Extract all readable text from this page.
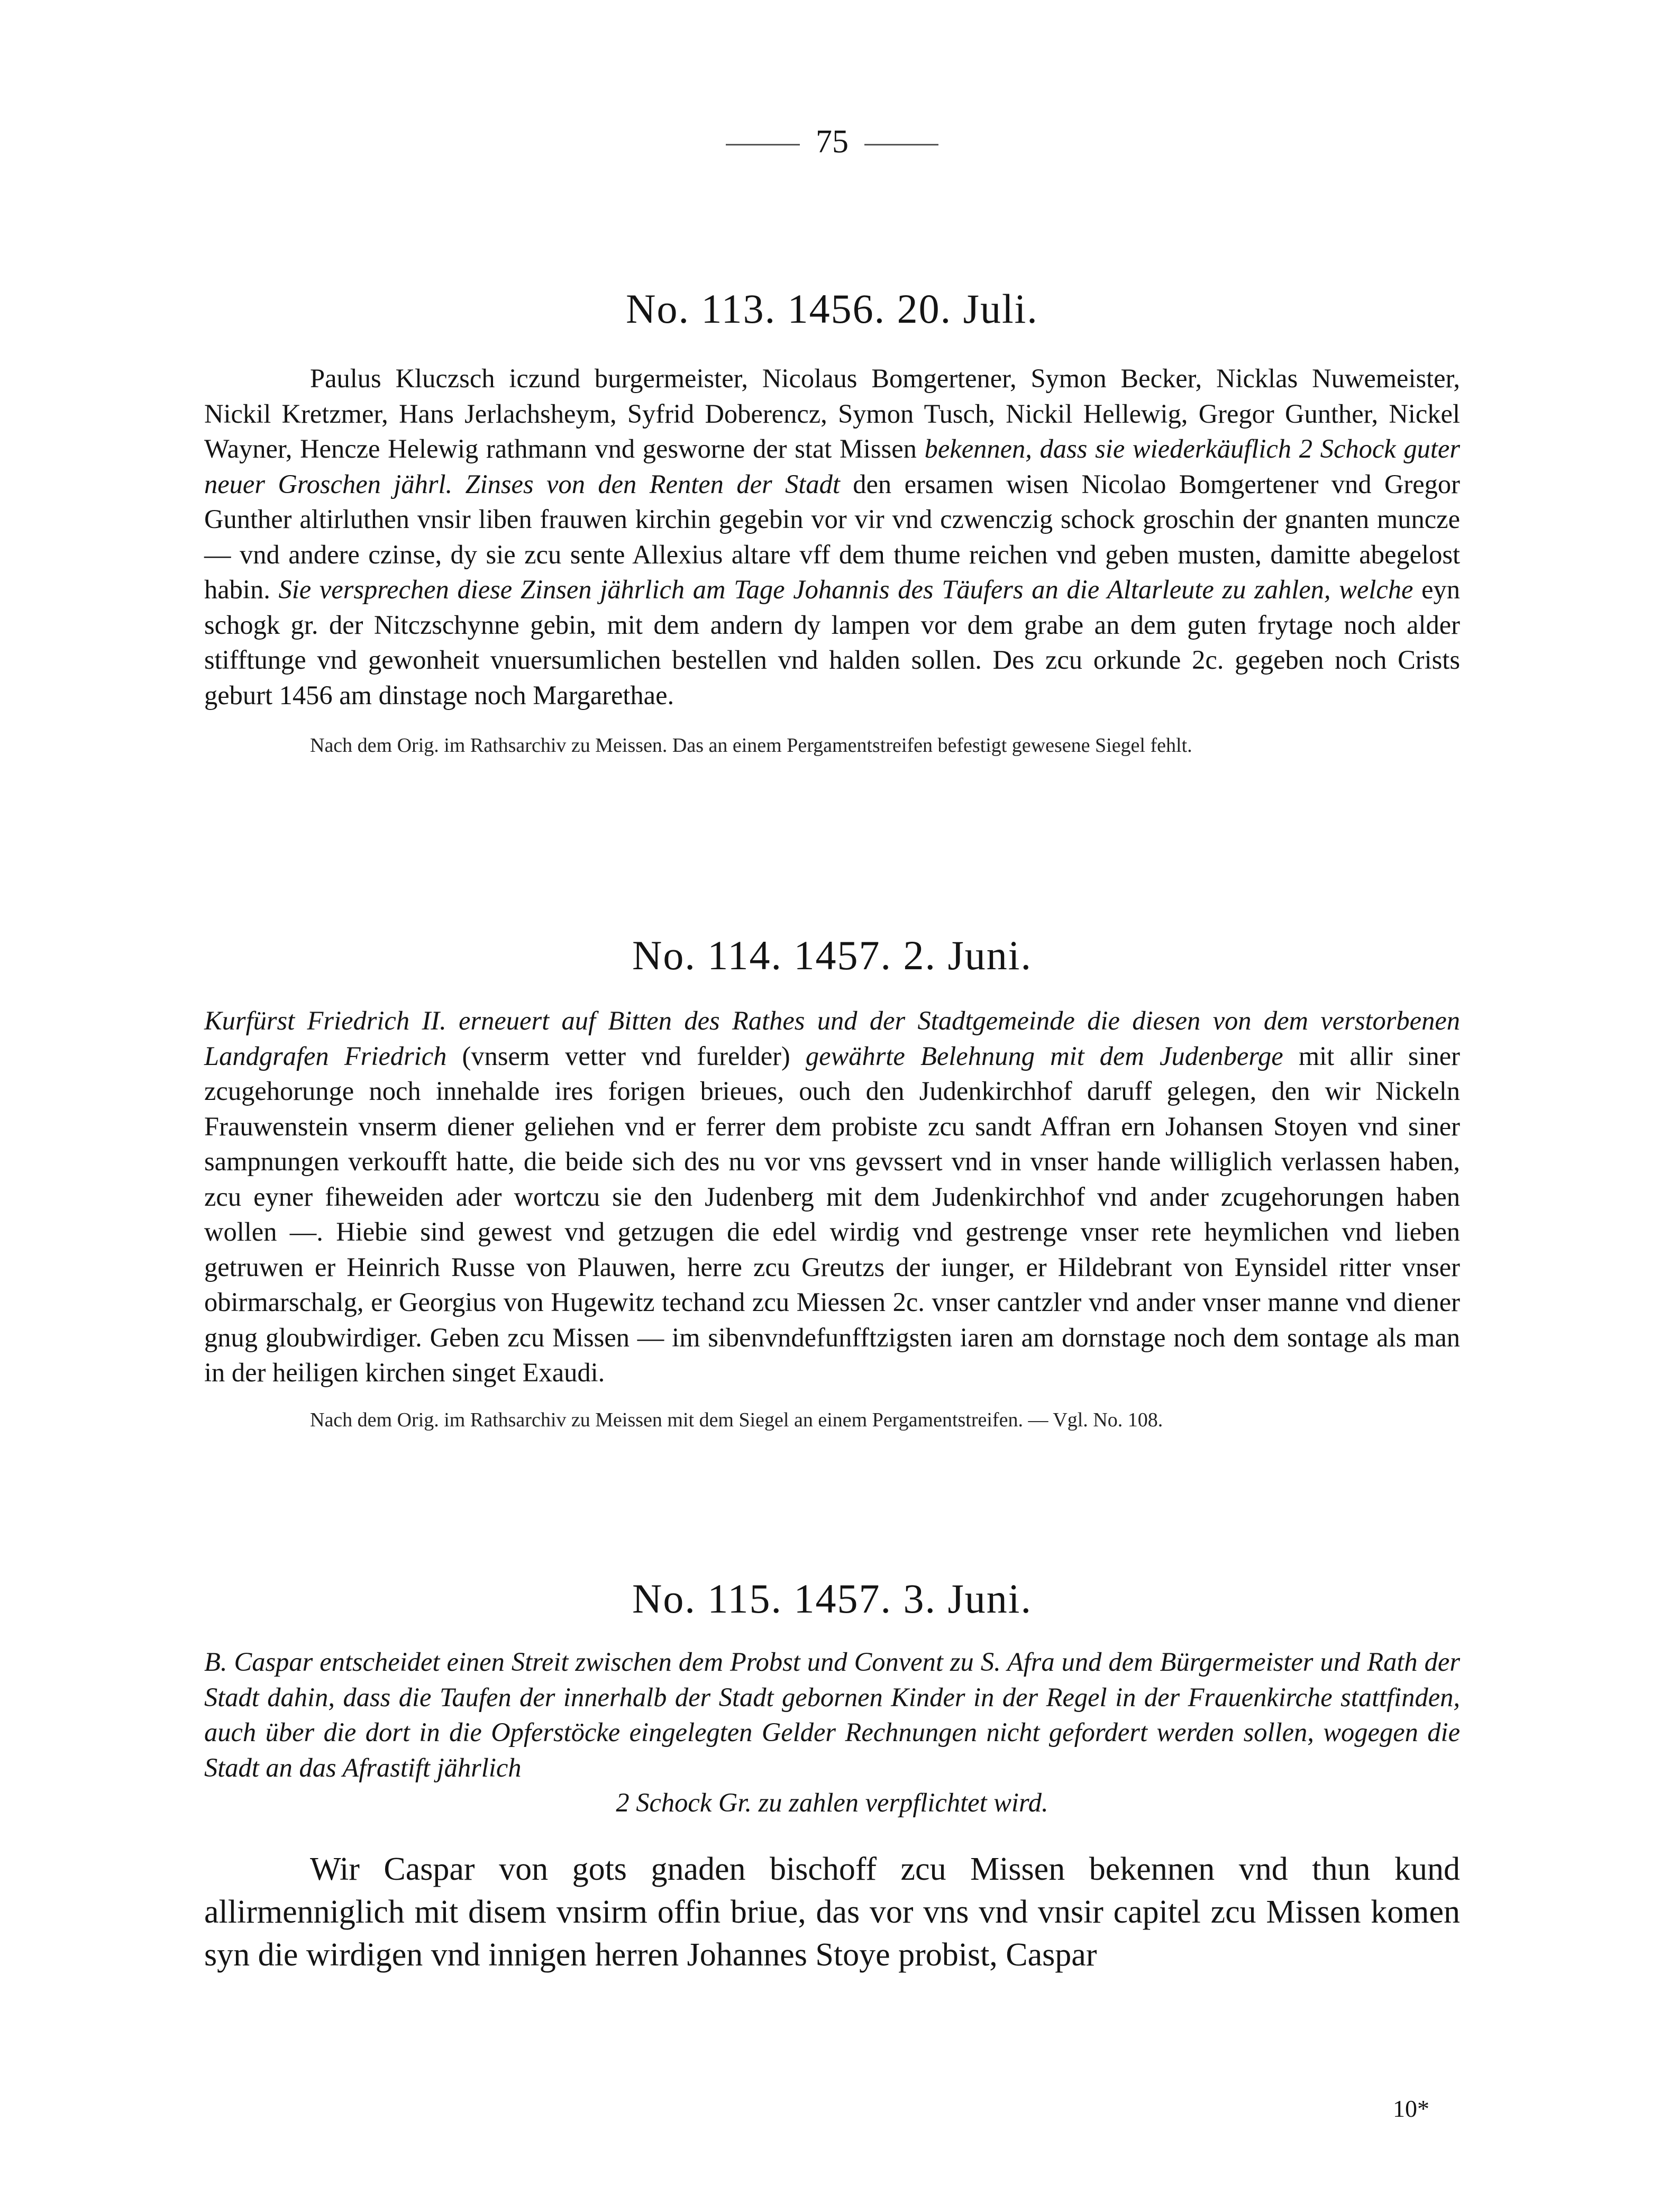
75
No. 113. 1456. 20. Juli.

Paulus Kluczsch iczund burgermeister, Nicolaus Bomgertener, Symon Becker, Nicklas Nuwemeister, Nickil Kretzmer, Hans Jerlachsheym, Syfrid Doberencz, Symon Tusch, Nickil Hellewig, Gregor Gunther, Nickel Wayner, Hencze Helewig rathmann vnd gesworne der stat Missen bekennen, dass sie wiederkäuflich 2 Schock guter neuer Groschen jährl. Zinses von den Renten der Stadt den ersamen wisen Nicolao Bomgertener vnd Gregor Gunther altirluthen vnsir liben frauwen kirchin gegebin vor vir vnd czwenczig schock groschin der gnanten muncze — vnd andere czinse, dy sie zcu sente Allexius altare vff dem thume reichen vnd geben musten, damitte abegelost habin. Sie versprechen diese Zinsen jährlich am Tage Johannis des Täufers an die Altarleute zu zahlen, welche eyn schogk gr. der Nitczschynne gebin, mit dem andern dy lampen vor dem grabe an dem guten frytage noch alder stifftunge vnd gewonheit vnuersumlichen bestellen vnd halden sollen. Des zcu orkunde 2c. gegeben noch Crists geburt 1456 am dinstage noch Margarethae.

Nach dem Orig. im Rathsarchiv zu Meissen. Das an einem Pergamentstreifen befestigt gewesene Siegel fehlt.

No. 114. 1457. 2. Juni.

Kurfürst Friedrich II. erneuert auf Bitten des Rathes und der Stadtgemeinde die diesen von dem verstorbenen Landgrafen Friedrich (vnserm vetter vnd furelder) gewährte Belehnung mit dem Judenberge mit allir siner zcugehorunge noch innehalde ires forigen brieues, ouch den Judenkirchhof daruff gelegen, den wir Nickeln Frauwenstein vnserm diener geliehen vnd er ferrer dem probiste zcu sandt Affran ern Johansen Stoyen vnd siner sampnungen verkoufft hatte, die beide sich des nu vor vns gevssert vnd in vnser hande williglich verlassen haben, zcu eyner fiheweiden ader wortczu sie den Judenberg mit dem Judenkirchhof vnd ander zcugehorungen haben wollen —. Hiebie sind gewest vnd getzugen die edel wirdig vnd gestrenge vnser rete heymlichen vnd lieben getruwen er Heinrich Russe von Plauwen, herre zcu Greutzs der iunger, er Hildebrant von Eynsidel ritter vnser obirmarschalg, er Georgius von Hugewitz techand zcu Miessen 2c. vnser cantzler vnd ander vnser manne vnd diener gnug gloubwirdiger. Geben zcu Missen — im sibenvndefunfftzigsten iaren am dornstage noch dem sontage als man in der heiligen kirchen singet Exaudi.

Nach dem Orig. im Rathsarchiv zu Meissen mit dem Siegel an einem Pergamentstreifen. — Vgl. No. 108.

No. 115. 1457. 3. Juni.

B. Caspar entscheidet einen Streit zwischen dem Probst und Convent zu S. Afra und dem Bürgermeister und Rath der Stadt dahin, dass die Taufen der innerhalb der Stadt gebornen Kinder in der Regel in der Frauenkirche stattfinden, auch über die dort in die Opferstöcke eingelegten Gelder Rechnungen nicht gefordert werden sollen, wogegen die Stadt an das Afrastift jährlich
2 Schock Gr. zu zahlen verpflichtet wird.

Wir Caspar von gots gnaden bischoff zcu Missen bekennen vnd thun kund allirmenniglich mit disem vnsirm offin briue, das vor vns vnd vnsir capitel zcu Missen komen syn die wirdigen vnd innigen herren Johannes Stoye probist, Caspar

10*
